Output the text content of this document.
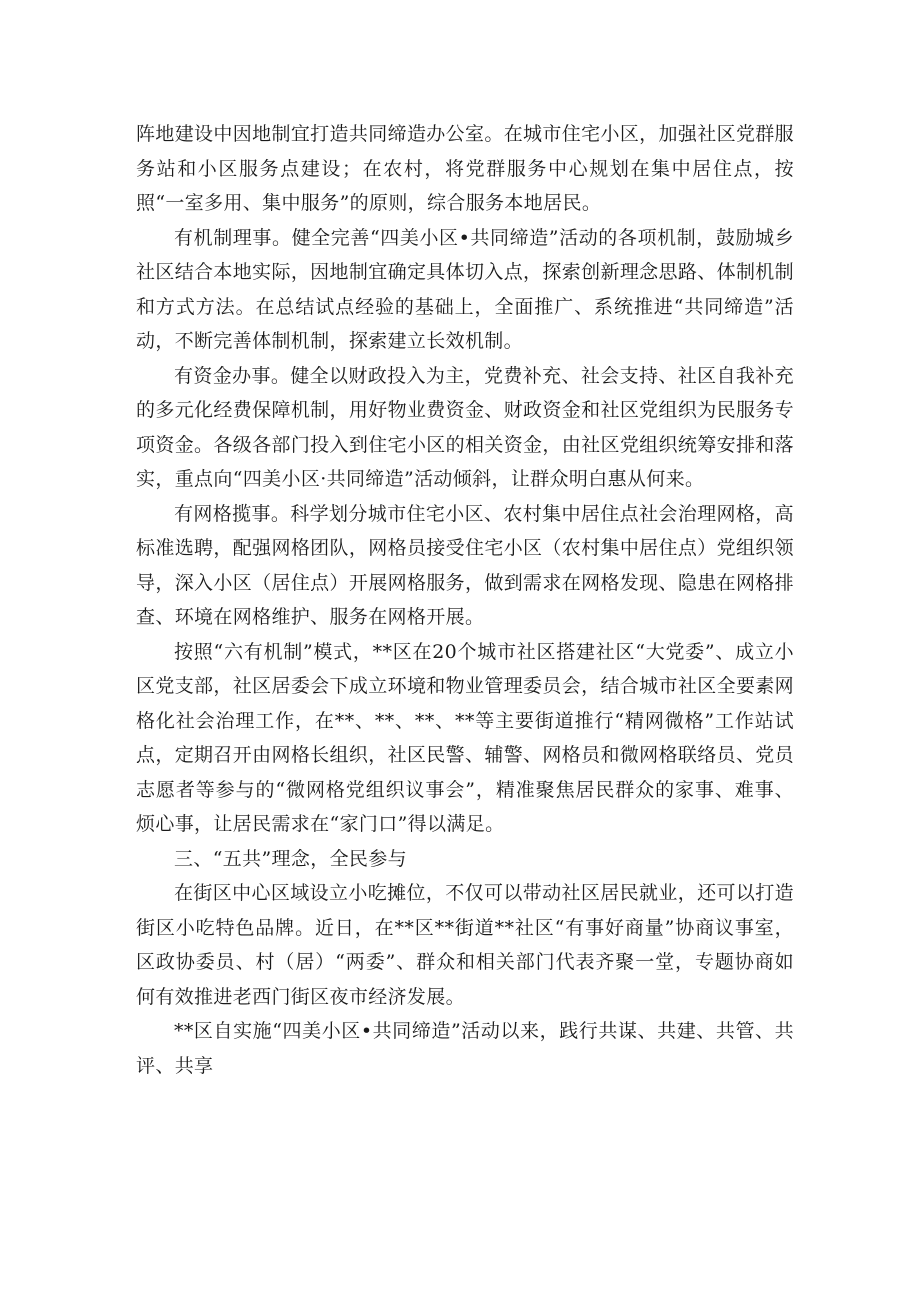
阵地建设中因地制宜打造共同缔造办公室。在城市住宅小区，加强社区党群服务站和小区服务点建设；在农村，将党群服务中心规划在集中居住点，按照“一室多用、集中服务”的原则，综合服务本地居民。

有机制理事。健全完善“四美小区•共同缔造”活动的各项机制，鼓励城乡社区结合本地实际，因地制宜确定具体切入点，探索创新理念思路、体制机制和方式方法。在总结试点经验的基础上，全面推广、系统推进“共同缔造”活动，不断完善体制机制，探索建立长效机制。

有资金办事。健全以财政投入为主，党费补充、社会支持、社区自我补充的多元化经费保障机制，用好物业费资金、财政资金和社区党组织为民服务专项资金。各级各部门投入到住宅小区的相关资金，由社区党组织统筹安排和落实，重点向“四美小区·共同缔造”活动倾斜，让群众明白惠从何来。

有网格揽事。科学划分城市住宅小区、农村集中居住点社会治理网格，高标准选聘，配强网格团队，网格员接受住宅小区（农村集中居住点）党组织领导，深入小区（居住点）开展网格服务，做到需求在网格发现、隐患在网格排查、环境在网格维护、服务在网格开展。

按照“六有机制”模式，**区在20个城市社区搭建社区“大党委”、成立小区党支部，社区居委会下成立环境和物业管理委员会，结合城市社区全要素网格化社会治理工作，在**、**、**、**等主要街道推行“精网微格”工作站试点，定期召开由网格长组织，社区民警、辅警、网格员和微网格联络员、党员志愿者等参与的“微网格党组织议事会”，精准聚焦居民群众的家事、难事、烦心事，让居民需求在“家门口”得以满足。

三、“五共”理念，全民参与

在街区中心区域设立小吃摊位，不仅可以带动社区居民就业，还可以打造街区小吃特色品牌。近日，在**区**街道**社区“有事好商量”协商议事室，区政协委员、村（居）“两委”、群众和相关部门代表齐聚一堂，专题协商如何有效推进老西门街区夜市经济发展。

**区自实施“四美小区•共同缔造”活动以来，践行共谋、共建、共管、共评、共享
